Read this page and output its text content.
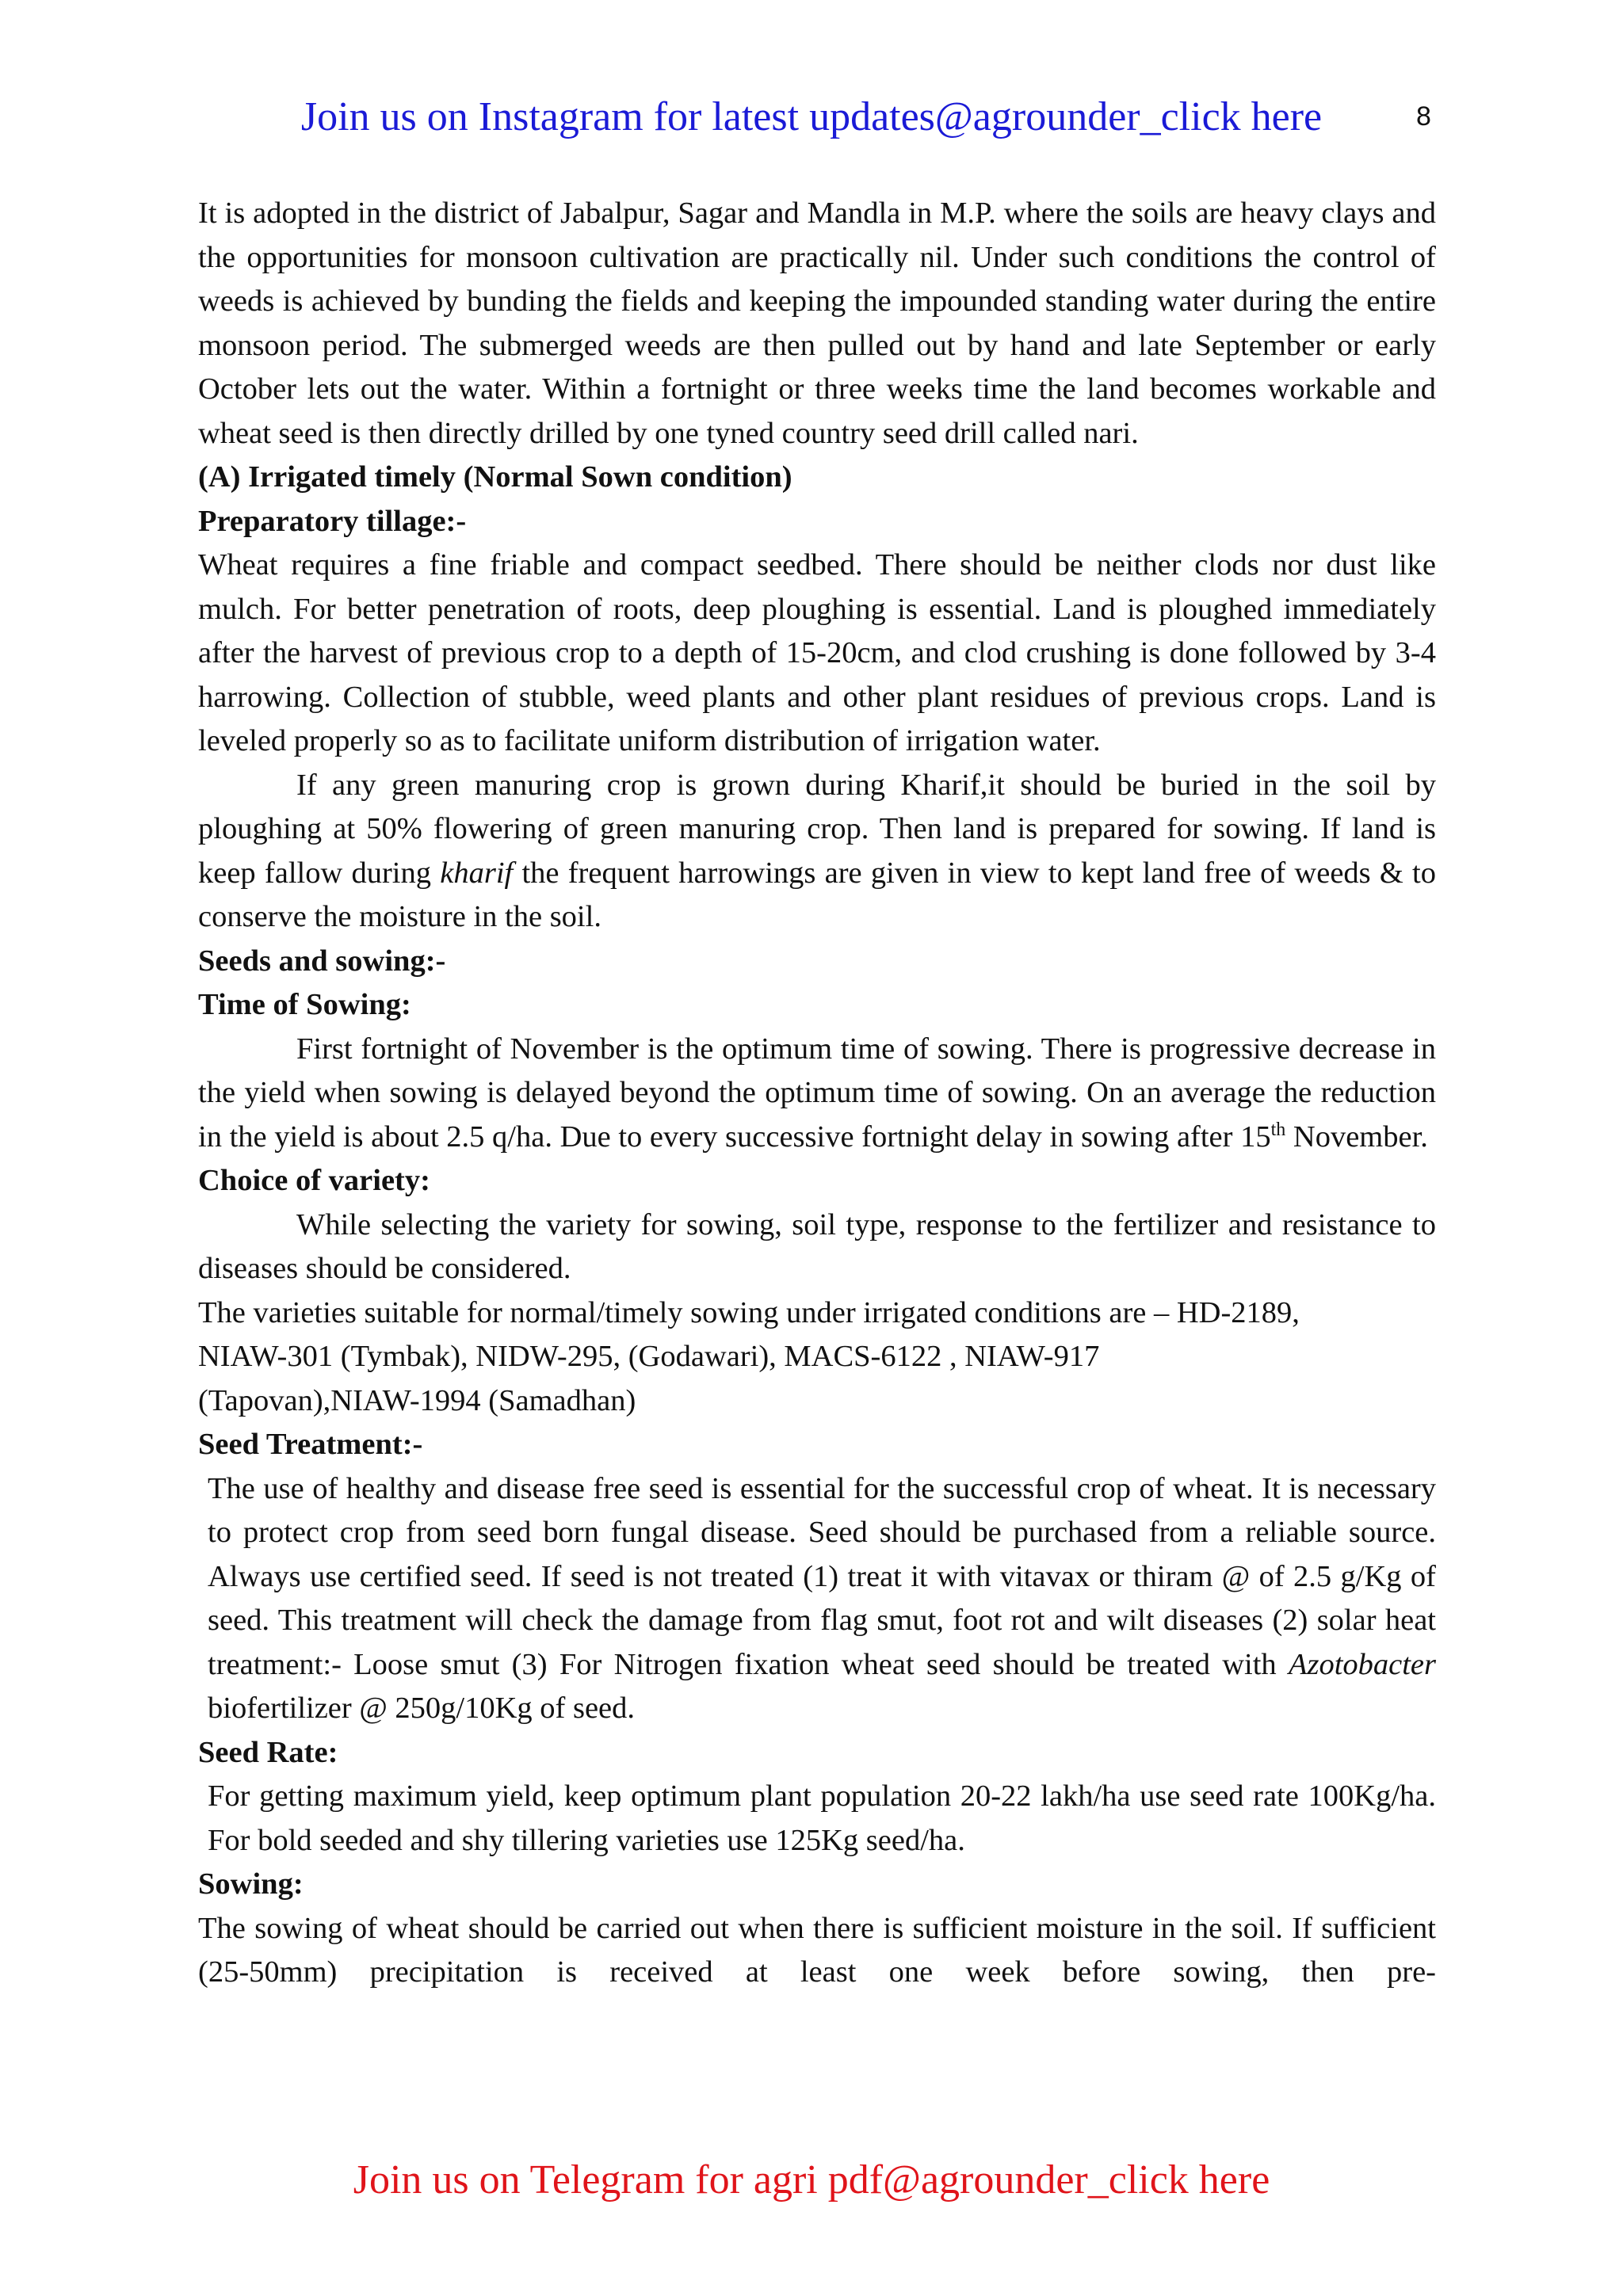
Join us on Instagram for latest updates@agrounder_click here	8

It is adopted in the district of Jabalpur, Sagar and Mandla in M.P. where the soils are heavy clays and the opportunities for monsoon cultivation are practically nil. Under such conditions the control of weeds is achieved by bunding the fields and keeping the impounded standing water during the entire monsoon period. The submerged weeds are then pulled out by hand and late September or early October lets out the water. Within a fortnight or three weeks time the land becomes workable and wheat seed is then directly drilled by one tyned country seed drill called nari.

(A) Irrigated timely (Normal Sown condition)

Preparatory tillage:-

Wheat requires a fine friable and compact seedbed. There should be neither clods nor dust like mulch. For better penetration of roots, deep ploughing is essential. Land is ploughed immediately after the harvest of previous crop to a depth of 15-20cm, and clod crushing is done followed by 3-4 harrowing. Collection of stubble, weed plants and other plant residues of previous crops. Land is leveled properly so as to facilitate uniform distribution of irrigation water.

If any green manuring crop is grown during Kharif,it should be buried in the soil by ploughing at 50% flowering of green manuring crop. Then land is prepared for sowing. If land is keep fallow during kharif the frequent harrowings are given in view to kept land free of weeds & to conserve the moisture in the soil.

Seeds and sowing:-

Time of Sowing:

First fortnight of November is the optimum time of sowing. There is progressive decrease in the yield when sowing is delayed beyond the optimum time of sowing. On an average the reduction in the yield is about 2.5 q/ha. Due to every successive fortnight delay in sowing after 15th November.

Choice of variety:

While selecting the variety for sowing, soil type, response to the fertilizer and resistance to diseases should be considered.

The varieties suitable for normal/timely sowing under irrigated conditions are – HD-2189,

NIAW-301 (Tymbak), NIDW-295, (Godawari), MACS-6122 , NIAW-917

(Tapovan),NIAW-1994 (Samadhan)

Seed Treatment:-

The use of healthy and disease free seed is essential for the successful crop of wheat. It is necessary to protect crop from seed born fungal disease. Seed should be purchased from a reliable source. Always use certified seed. If seed is not treated (1) treat it with vitavax or thiram @ of 2.5 g/Kg of seed. This treatment will check the damage from flag smut, foot rot and wilt diseases (2) solar heat treatment:- Loose smut (3) For Nitrogen fixation wheat seed should be treated with Azotobacter biofertilizer @ 250g/10Kg of seed.

Seed Rate:

For getting maximum yield, keep optimum plant population 20-22 lakh/ha use seed rate 100Kg/ha. For bold seeded and shy tillering varieties use 125Kg seed/ha.

Sowing:

The sowing of wheat should be carried out when there is sufficient moisture in the soil. If sufficient (25-50mm) precipitation is received at least one week before sowing, then pre-

Join us on Telegram for agri pdf@agrounder_click here
